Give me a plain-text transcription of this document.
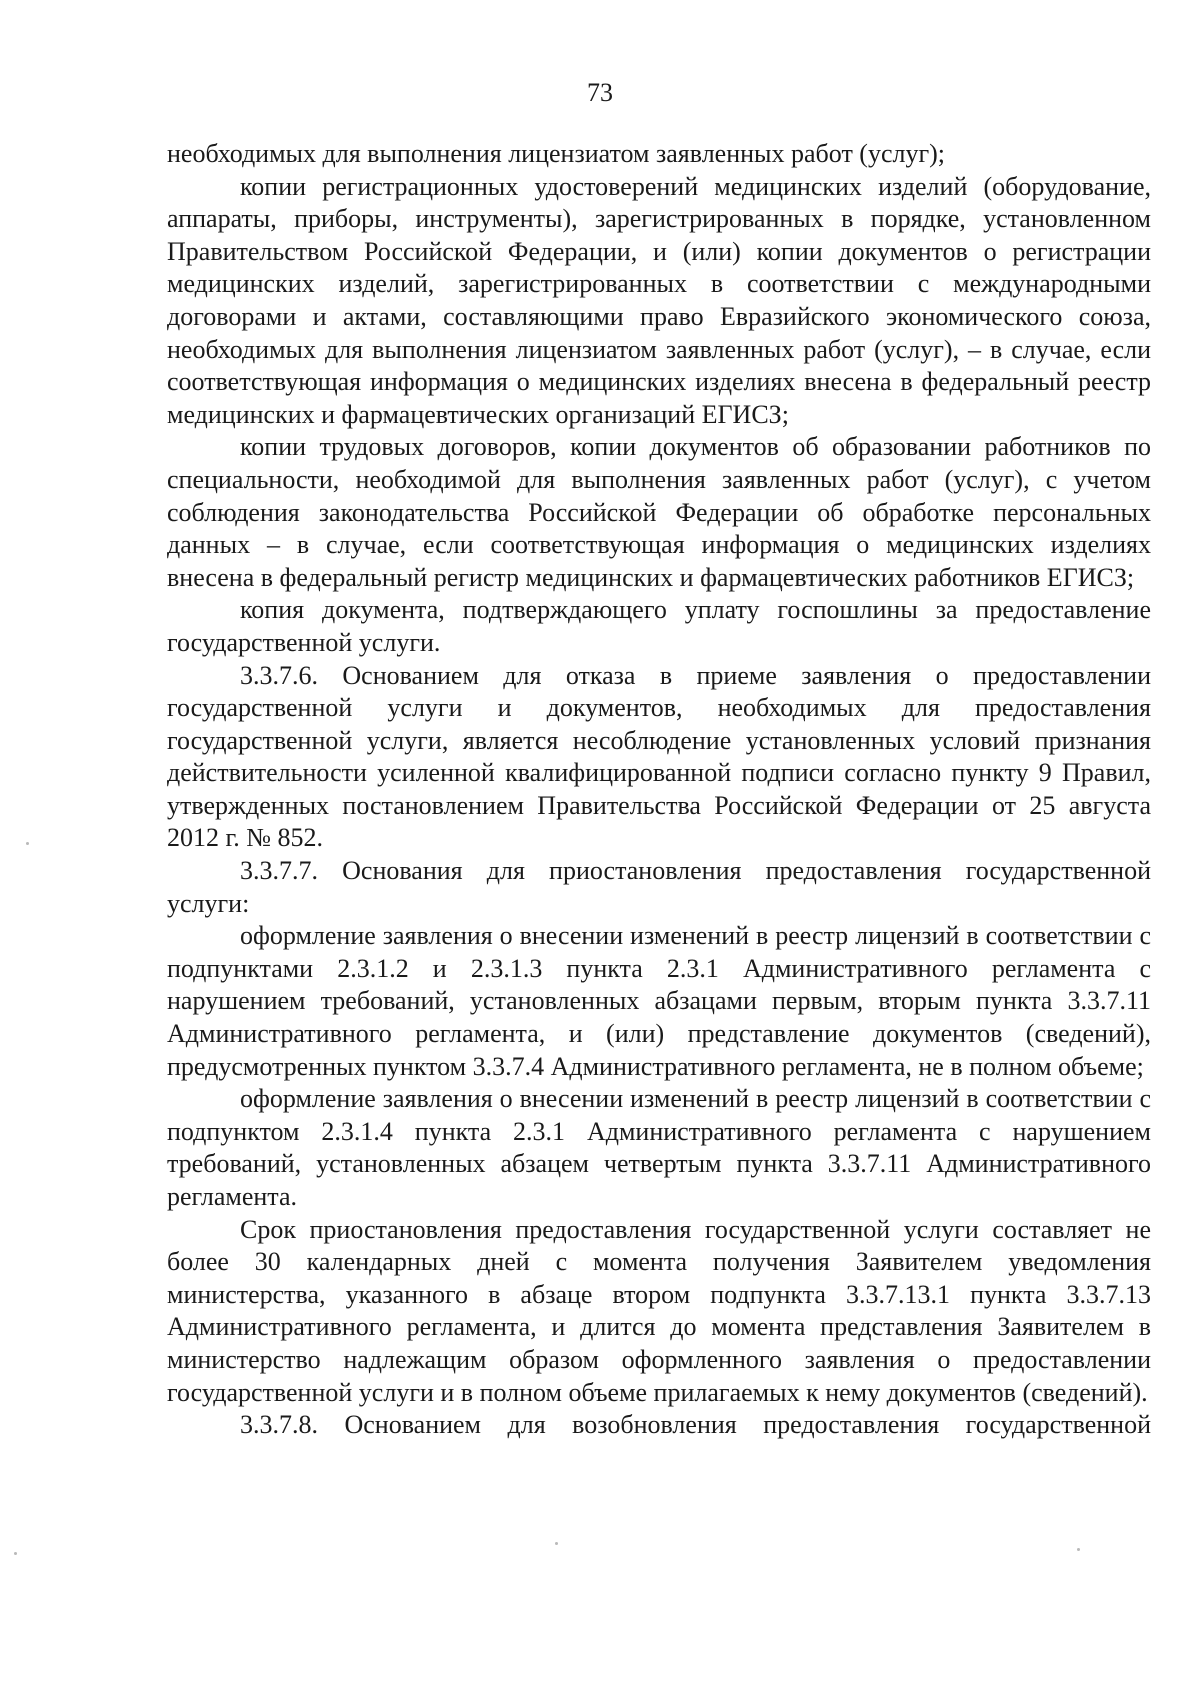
73

необходимых для выполнения лицензиатом заявленных работ (услуг);

копии регистрационных удостоверений медицинских изделий (оборудование, аппараты, приборы, инструменты), зарегистрированных в порядке, установленном Правительством Российской Федерации, и (или) копии документов о регистрации медицинских изделий, зарегистрированных в соответствии с международными договорами и актами, составляющими право Евразийского экономического союза, необходимых для выполнения лицензиатом заявленных работ (услуг), – в случае, если соответствующая информация о медицинских изделиях внесена в федеральный реестр медицинских и фармацевтических организаций ЕГИСЗ;

копии трудовых договоров, копии документов об образовании работников по специальности, необходимой для выполнения заявленных работ (услуг), с учетом соблюдения законодательства Российской Федерации об обработке персональных данных – в случае, если соответствующая информация о медицинских изделиях внесена в федеральный регистр медицинских и фармацевтических работников ЕГИСЗ;

копия документа, подтверждающего уплату госпошлины за предоставление государственной услуги.

3.3.7.6. Основанием для отказа в приеме заявления о предоставлении государственной услуги и документов, необходимых для предоставления государственной услуги, является несоблюдение установленных условий признания действительности усиленной квалифицированной подписи согласно пункту 9 Правил, утвержденных постановлением Правительства Российской Федерации от 25 августа 2012 г. № 852.

3.3.7.7. Основания для приостановления предоставления государственной услуги:

оформление заявления о внесении изменений в реестр лицензий в соответствии с подпунктами 2.3.1.2 и 2.3.1.3 пункта 2.3.1 Административного регламента с нарушением требований, установленных абзацами первым, вторым пункта 3.3.7.11 Административного регламента, и (или) представление документов (сведений), предусмотренных пунктом 3.3.7.4 Административного регламента, не в полном объеме;

оформление заявления о внесении изменений в реестр лицензий в соответствии с подпунктом 2.3.1.4 пункта 2.3.1 Административного регламента с нарушением требований, установленных абзацем четвертым пункта 3.3.7.11 Административного регламента.

Срок приостановления предоставления государственной услуги составляет не более 30 календарных дней с момента получения Заявителем уведомления министерства, указанного в абзаце втором подпункта 3.3.7.13.1 пункта 3.3.7.13 Административного регламента, и длится до момента представления Заявителем в министерство надлежащим образом оформленного заявления о предоставлении государственной услуги и в полном объеме прилагаемых к нему документов (сведений).

3.3.7.8. Основанием для возобновления предоставления государственной
